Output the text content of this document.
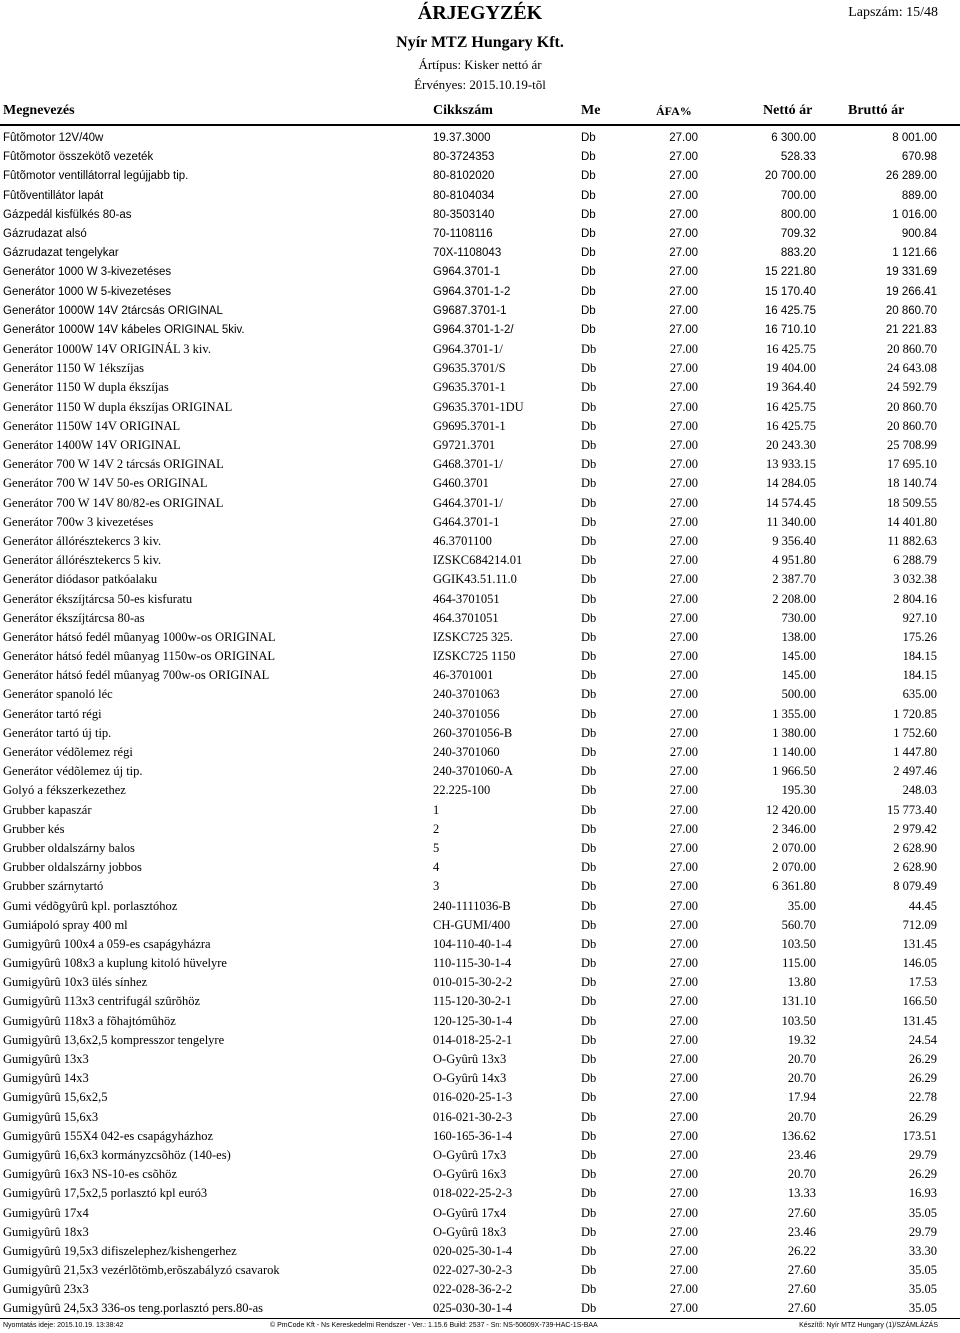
ÁRJEGYZÉK	Lapszám: 15/48
Nyír MTZ Hungary Kft.
Ártípus: Kisker nettó ár
Érvényes: 2015.10.19-tõl
Megnevezés	Cikkszám	Me	ÁFA%	Nettó ár	Bruttó ár
Fûtõmotor 12V/40w	19.37.3000	Db	27.00	6 300.00	8 001.00
Fûtõmotor összekötõ vezeték	80-3724353	Db	27.00	528.33	670.98
Fûtõmotor ventillátorral legújjabb tip.	80-8102020	Db	27.00	20 700.00	26 289.00
Fûtõventillátor lapát	80-8104034	Db	27.00	700.00	889.00
Gázpedál kisfülkés 80-as	80-3503140	Db	27.00	800.00	1 016.00
Gázrudazat alsó	70-1108116	Db	27.00	709.32	900.84
Gázrudazat tengelykar	70X-1108043	Db	27.00	883.20	1 121.66
Generátor 1000 W 3-kivezetéses	G964.3701-1	Db	27.00	15 221.80	19 331.69
Generátor 1000 W 5-kivezetéses	G964.3701-1-2	Db	27.00	15 170.40	19 266.41
Generátor 1000W 14V 2tárcsás ORIGINAL	G9687.3701-1	Db	27.00	16 425.75	20 860.70
Generátor 1000W 14V kábeles ORIGINAL 5kiv.	G964.3701-1-2/	Db	27.00	16 710.10	21 221.83
Generátor 1000W 14V ORIGINÁL 3 kiv.	G964.3701-1/	Db	27.00	16 425.75	20 860.70
Generátor 1150 W 1ékszíjas	G9635.3701/S	Db	27.00	19 404.00	24 643.08
Generátor 1150 W dupla ékszíjas	G9635.3701-1	Db	27.00	19 364.40	24 592.79
Generátor 1150 W dupla ékszíjas ORIGINAL	G9635.3701-1DU	Db	27.00	16 425.75	20 860.70
Generátor 1150W 14V ORIGINAL	G9695.3701-1	Db	27.00	16 425.75	20 860.70
Generátor 1400W 14V ORIGINAL	G9721.3701	Db	27.00	20 243.30	25 708.99
Generátor 700 W 14V 2 tárcsás ORIGINAL	G468.3701-1/	Db	27.00	13 933.15	17 695.10
Generátor 700 W 14V 50-es ORIGINAL	G460.3701	Db	27.00	14 284.05	18 140.74
Generátor 700 W 14V 80/82-es ORIGINAL	G464.3701-1/	Db	27.00	14 574.45	18 509.55
Generátor 700w 3 kivezetéses	G464.3701-1	Db	27.00	11 340.00	14 401.80
Generátor állórésztekercs 3 kiv.	46.3701100	Db	27.00	9 356.40	11 882.63
Generátor állórésztekercs 5 kiv.	IZSKC684214.01	Db	27.00	4 951.80	6 288.79
Generátor diódasor patkóalaku	GGIK43.51.11.0	Db	27.00	2 387.70	3 032.38
Generátor ékszíjtárcsa 50-es kisfuratu	464-3701051	Db	27.00	2 208.00	2 804.16
Generátor ékszíjtárcsa 80-as	464.3701051	Db	27.00	730.00	927.10
Generátor hátsó fedél mûanyag 1000w-os ORIGINAL	IZSKC725 325.	Db	27.00	138.00	175.26
Generátor hátsó fedél mûanyag 1150w-os ORIGINAL	IZSKC725 1150	Db	27.00	145.00	184.15
Generátor hátsó fedél mûanyag 700w-os ORIGINAL	46-3701001	Db	27.00	145.00	184.15
Generátor spanoló léc	240-3701063	Db	27.00	500.00	635.00
Generátor tartó régi	240-3701056	Db	27.00	1 355.00	1 720.85
Generátor tartó új tip.	260-3701056-B	Db	27.00	1 380.00	1 752.60
Generátor védõlemez régi	240-3701060	Db	27.00	1 140.00	1 447.80
Generátor védõlemez új tip.	240-3701060-A	Db	27.00	1 966.50	2 497.46
Golyó a fékszerkezethez	22.225-100	Db	27.00	195.30	248.03
Grubber kapaszár	1	Db	27.00	12 420.00	15 773.40
Grubber kés	2	Db	27.00	2 346.00	2 979.42
Grubber oldalszárny balos	5	Db	27.00	2 070.00	2 628.90
Grubber oldalszárny jobbos	4	Db	27.00	2 070.00	2 628.90
Grubber szárnytartó	3	Db	27.00	6 361.80	8 079.49
Gumi védõgyûrû kpl. porlasztóhoz	240-1111036-B	Db	27.00	35.00	44.45
Gumiápoló spray 400 ml	CH-GUMI/400	Db	27.00	560.70	712.09
Gumigyûrû 100x4 a 059-es csapágyházra	104-110-40-1-4	Db	27.00	103.50	131.45
Gumigyûrû 108x3 a kuplung kitoló hüvelyre	110-115-30-1-4	Db	27.00	115.00	146.05
Gumigyûrû 10x3 ülés sínhez	010-015-30-2-2	Db	27.00	13.80	17.53
Gumigyûrû 113x3 centrifugál szûrõhöz	115-120-30-2-1	Db	27.00	131.10	166.50
Gumigyûrû 118x3 a fõhajtómûhöz	120-125-30-1-4	Db	27.00	103.50	131.45
Gumigyûrû 13,6x2,5 kompresszor tengelyre	014-018-25-2-1	Db	27.00	19.32	24.54
Gumigyûrû 13x3	O-Gyûrû 13x3	Db	27.00	20.70	26.29
Gumigyûrû 14x3	O-Gyûrû 14x3	Db	27.00	20.70	26.29
Gumigyûrû 15,6x2,5	016-020-25-1-3	Db	27.00	17.94	22.78
Gumigyûrû 15,6x3	016-021-30-2-3	Db	27.00	20.70	26.29
Gumigyûrû 155X4 042-es csapágyházhoz	160-165-36-1-4	Db	27.00	136.62	173.51
Gumigyûrû 16,6x3 kormányzcsõhöz (140-es)	O-Gyûrû 17x3	Db	27.00	23.46	29.79
Gumigyûrû 16x3 NS-10-es csõhöz	O-Gyûrû 16x3	Db	27.00	20.70	26.29
Gumigyûrû 17,5x2,5 porlasztó kpl euró3	018-022-25-2-3	Db	27.00	13.33	16.93
Gumigyûrû 17x4	O-Gyûrû 17x4	Db	27.00	27.60	35.05
Gumigyûrû 18x3	O-Gyûrû 18x3	Db	27.00	23.46	29.79
Gumigyûrû 19,5x3 difiszelephez/kishengerhez	020-025-30-1-4	Db	27.00	26.22	33.30
Gumigyûrû 21,5x3 vezérlõtömb,erõszabályzó csavarok	022-027-30-2-3	Db	27.00	27.60	35.05
Gumigyûrû 23x3	022-028-36-2-2	Db	27.00	27.60	35.05
Gumigyûrû 24,5x3 336-os teng.porlasztó pers.80-as	025-030-30-1-4	Db	27.00	27.60	35.05
Nyomtatás ideje: 2015.10.19. 13:38:42	© PmCode Kft - Ns Kereskedelmi Rendszer - Ver.: 1.15.6 Build: 2537 - Sn: NS-50609X-739-HAC-1S-BAA	Készítõ: Nyír MTZ Hungary (1)/SZÁMLÁZÁS
